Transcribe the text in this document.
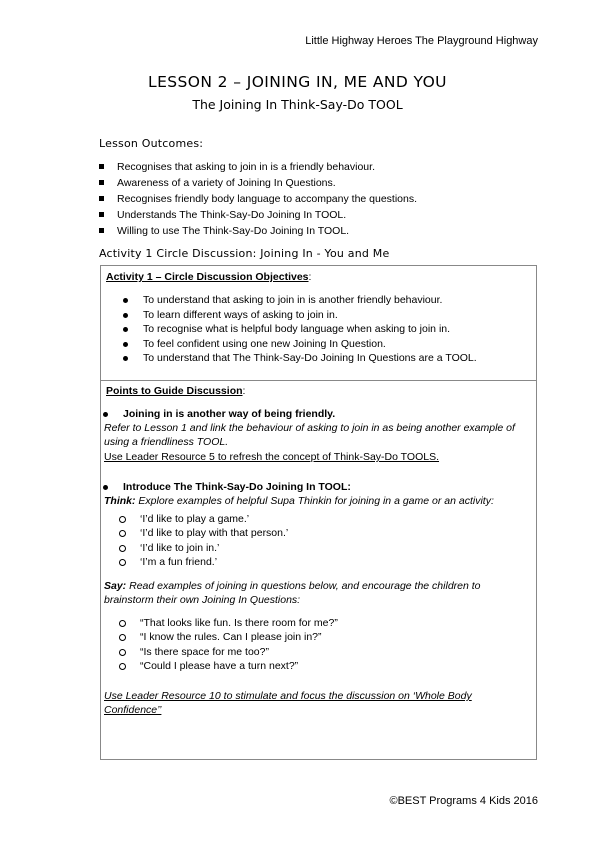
Little Highway Heroes The Playground Highway
LESSON 2 – JOINING IN, ME AND YOU
The Joining In Think-Say-Do TOOL
Lesson Outcomes:
Recognises that asking to join in is a friendly behaviour.
Awareness of a variety of Joining In Questions.
Recognises friendly body language to accompany the questions.
Understands The Think-Say-Do Joining In TOOL.
Willing to use The Think-Say-Do Joining In TOOL.
Activity 1 Circle Discussion: Joining In - You and Me
Activity 1 – Circle Discussion Objectives:
To understand that asking to join in is another friendly behaviour.
To learn different ways of asking to join in.
To recognise what is helpful body language when asking to join in.
To feel confident using one new Joining In Question.
To understand that The Think-Say-Do Joining In Questions are a TOOL.
Points to Guide Discussion:
Joining in is another way of being friendly.
Refer to Lesson 1 and link the behaviour of asking to join in as being another example of
using a friendliness TOOL.
Use Leader Resource 5 to refresh the concept of Think-Say-Do TOOLS.
Introduce The Think-Say-Do Joining In TOOL:
Think: Explore examples of helpful Supa Thinkin for joining in a game or an activity:
‘I’d like to play a game.’
‘I’d like to play with that person.’
‘I’d like to join in.’
‘I’m a fun friend.’
Say: Read examples of joining in questions below, and encourage the children to
brainstorm their own Joining In Questions:
“That looks like fun. Is there room for me?”
“I know the rules. Can I please join in?”
“Is there space for me too?”
“Could I please have a turn next?”
Use Leader Resource 10 to stimulate and focus the discussion on ‘Whole Body
Confidence’’
©BEST Programs 4 Kids 2016
